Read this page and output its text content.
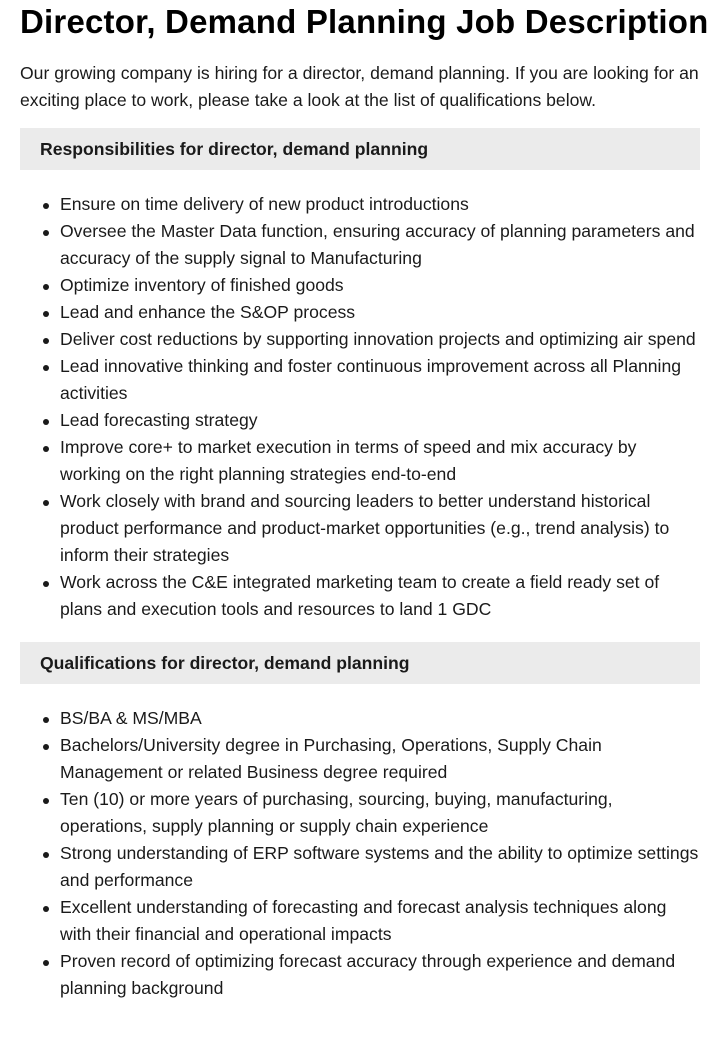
Director, Demand Planning Job Description

Our growing company is hiring for a director, demand planning. If you are looking for an exciting place to work, please take a look at the list of qualifications below.

Responsibilities for director, demand planning
Ensure on time delivery of new product introductions
Oversee the Master Data function, ensuring accuracy of planning parameters and accuracy of the supply signal to Manufacturing
Optimize inventory of finished goods
Lead and enhance the S&OP process
Deliver cost reductions by supporting innovation projects and optimizing air spend
Lead innovative thinking and foster continuous improvement across all Planning activities
Lead forecasting strategy
Improve core+ to market execution in terms of speed and mix accuracy by working on the right planning strategies end-to-end
Work closely with brand and sourcing leaders to better understand historical product performance and product-market opportunities (e.g., trend analysis) to inform their strategies
Work across the C&E integrated marketing team to create a field ready set of plans and execution tools and resources to land 1 GDC
Qualifications for director, demand planning
BS/BA & MS/MBA
Bachelors/University degree in Purchasing, Operations, Supply Chain Management or related Business degree required
Ten (10) or more years of purchasing, sourcing, buying, manufacturing, operations, supply planning or supply chain experience
Strong understanding of ERP software systems and the ability to optimize settings and performance
Excellent understanding of forecasting and forecast analysis techniques along with their financial and operational impacts
Proven record of optimizing forecast accuracy through experience and demand planning background
